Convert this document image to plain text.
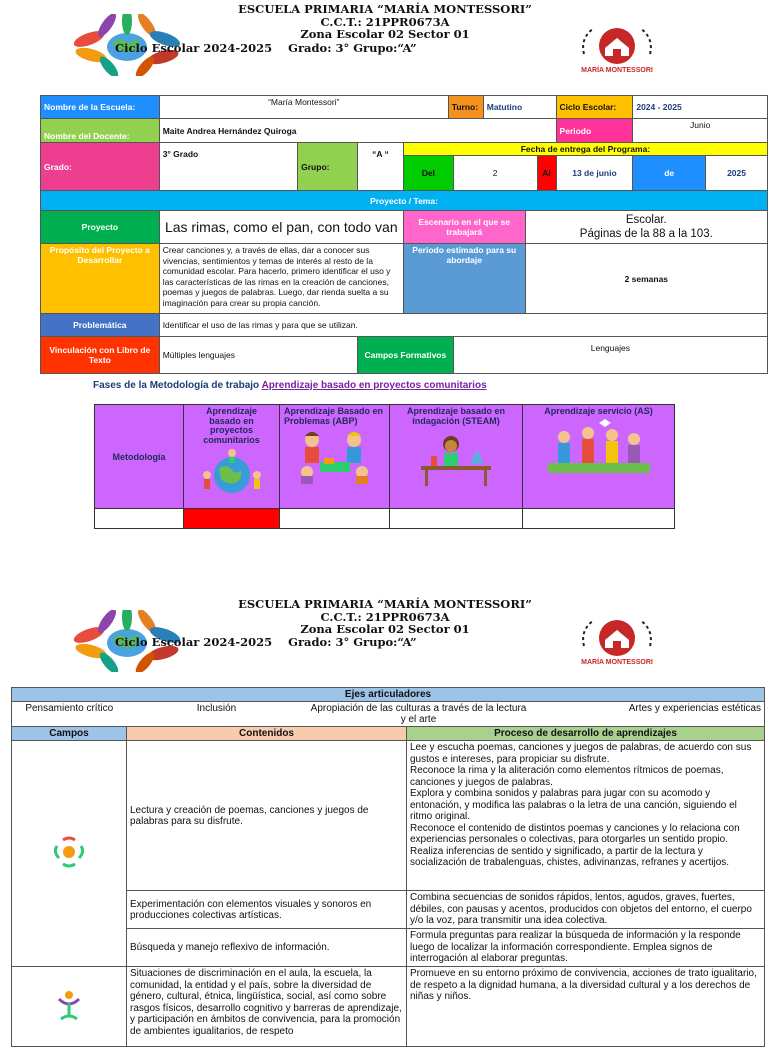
ESCUELA PRIMARIA “MARÍA MONTESSORI”
C.C.T.: 21PPR0673A
Zona Escolar 02 Sector 01
Ciclo Escolar 2024-2025 Grado: 3° Grupo:“A”
MARÍA MONTESSORI
Nombre de la Escuela:	“María Montessori”				Turno:		Matutino			Ciclo Escolar:	2024 - 2025	
Nombre del Docente:	Maite Andrea Hernández Quiroga									Periodo	Junio	
Grado:	3° Grado	Grupo:	“A “	Fecha de entrega del Programa:								
				Del		2			Al	13 de junio	de	2025
Proyecto / Tema:												
Proyecto	Las rimas, como el pan, con todo van			Escenario en el que se trabajará				Escolar.
Páginas de la 88 a la 103.				
Propósito del Proyecto a Desarrollar	Crear canciones y, a través de ellas, dar a conocer sus vivencias, sentimientos y temas de interés al resto de la comunidad escolar. Para hacerlo, primero identificar el uso y las características de las rimas en la creación de canciones, poemas y juegos de palabras. Luego, dar rienda suelta a su imaginación para crear su propia canción.			Periodo estimado para su abordaje				2 semanas				
Problemática	Identificar el uso de las rimas y para que se utilizan.											
Vinculación con Libro de Texto	Múltiples lenguajes		Campos Formativos			Lenguajes						
Fases de la Metodología de trabajo Aprendizaje basado en proyectos comunitarios
Metodología	Aprendizaje basado en proyectos comunitarios	Aprendizaje Basado en Problemas (ABP)	Aprendizaje basado en indagación (STEAM)	Aprendizaje servicio (AS)

ESCUELA PRIMARIA “MARÍA MONTESSORI”
C.C.T.: 21PPR0673A
Zona Escolar 02 Sector 01
Ciclo Escolar 2024-2025 Grado: 3° Grupo:“A”
MARÍA MONTESSORI
Ejes articuladores				
Pensamiento crítico	Inclusión	Apropiación de las culturas a través de la lectura y el arte		Artes y experiencias estéticas
Campos	Contenidos		Proceso de desarrollo de aprendizajes	
	Lectura y creación de poemas, canciones y juegos de palabras para su disfrute.		Lee y escucha poemas, canciones y juegos de palabras, de acuerdo con sus gustos e intereses, para propiciar su disfrute.
Reconoce la rima y la aliteración como elementos rítmicos de poemas, canciones y juegos de palabras.
Explora y combina sonidos y palabras para jugar con su acomodo y entonación, y modifica las palabras o la letra de una canción, siguiendo el ritmo original.
Reconoce el contenido de distintos poemas y canciones y lo relaciona con experiencias personales o colectivas, para otorgarles un sentido propio.
Realiza inferencias de sentido y significado, a partir de la lectura y socialización de trabalenguas, chistes, adivinanzas, refranes y acertijos.	
	Experimentación con elementos visuales y sonoros en producciones colectivas artísticas.		Combina secuencias de sonidos rápidos, lentos, agudos, graves, fuertes, débiles, con pausas y acentos, producidos con objetos del entorno, el cuerpo y/o la voz, para transmitir una idea colectiva.	
	Búsqueda y manejo reflexivo de información.		Formula preguntas para realizar la búsqueda de información y la responde luego de localizar la información correspondiente. Emplea signos de interrogación al elaborar preguntas.	
	Situaciones de discriminación en el aula, la escuela, la comunidad, la entidad y el país, sobre la diversidad de género, cultural, étnica, lingüística, social, así como sobre rasgos físicos, desarrollo cognitivo y barreras de aprendizaje, y participación en ámbitos de convivencia, para la promoción de ambientes igualitarios, de respeto		Promueve en su entorno próximo de convivencia, acciones de trato igualitario, de respeto a la dignidad humana, a la diversidad cultural y a los derechos de niñas y niños.	
